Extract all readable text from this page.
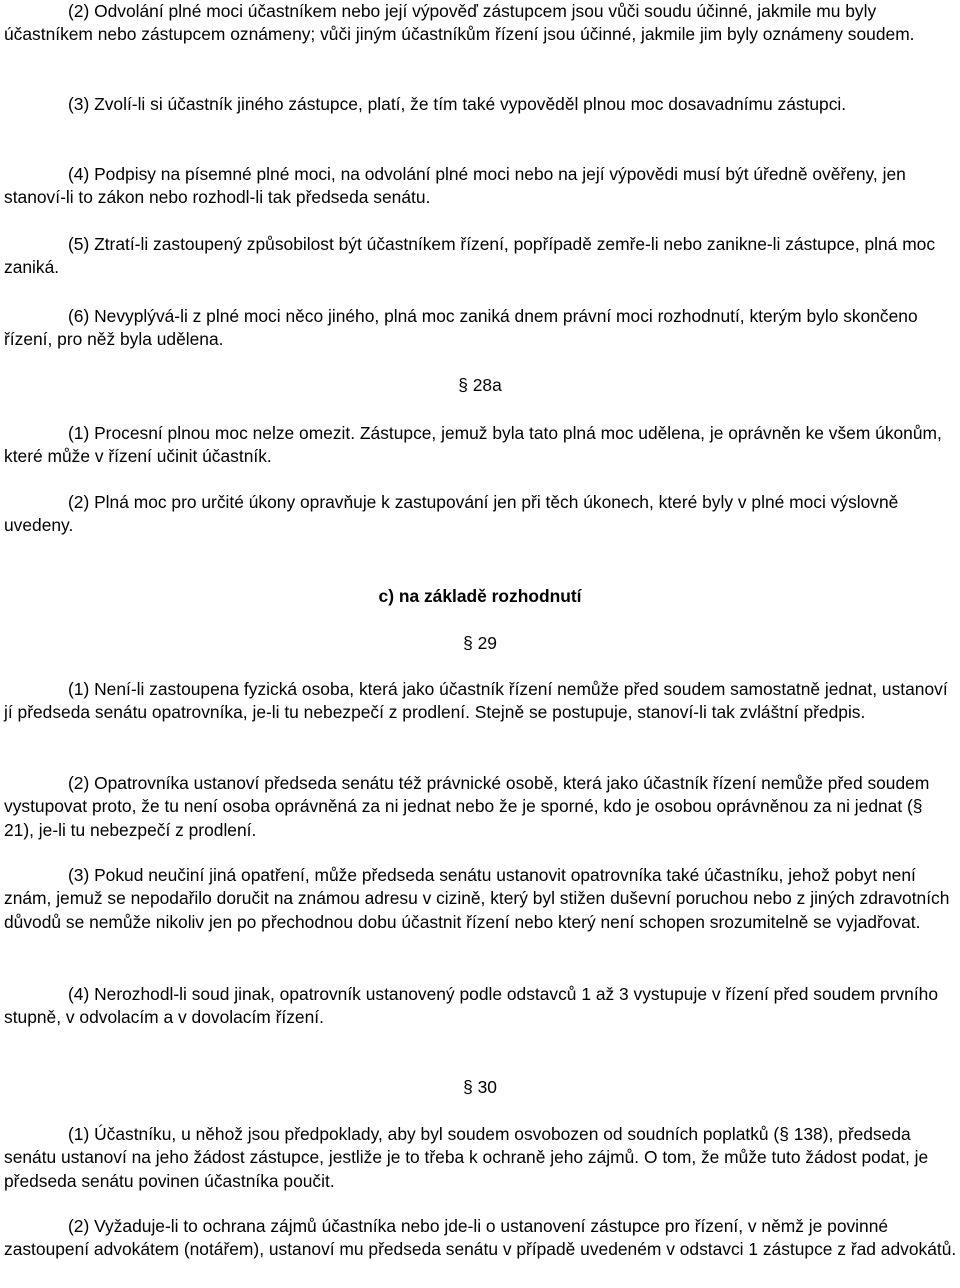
(2) Odvolání plné moci účastníkem nebo její výpověď zástupcem jsou vůči soudu účinné, jakmile mu byly účastníkem nebo zástupcem oznámeny; vůči jiným účastníkům řízení jsou účinné, jakmile jim byly oznámeny soudem.

(3) Zvolí-li si účastník jiného zástupce, platí, že tím také vypověděl plnou moc dosavadnímu zástupci.

(4) Podpisy na písemné plné moci, na odvolání plné moci nebo na její výpovědi musí být úředně ověřeny, jen stanoví-li to zákon nebo rozhodl-li tak předseda senátu.

(5) Ztratí-li zastoupený způsobilost být účastníkem řízení, popřípadě zemře-li nebo zanikne-li zástupce, plná moc zaniká.

(6) Nevyplývá-li z plné moci něco jiného, plná moc zaniká dnem právní moci rozhodnutí, kterým bylo skončeno řízení, pro něž byla udělena.

§ 28a

(1) Procesní plnou moc nelze omezit. Zástupce, jemuž byla tato plná moc udělena, je oprávněn ke všem úkonům, které může v řízení učinit účastník.

(2) Plná moc pro určité úkony opravňuje k zastupování jen při těch úkonech, které byly v plné moci výslovně uvedeny.

c) na základě rozhodnutí

§ 29

(1) Není-li zastoupena fyzická osoba, která jako účastník řízení nemůže před soudem samostatně jednat, ustanoví jí předseda senátu opatrovníka, je-li tu nebezpečí z prodlení. Stejně se postupuje, stanoví-li tak zvláštní předpis.

(2) Opatrovníka ustanoví předseda senátu též právnické osobě, která jako účastník řízení nemůže před soudem vystupovat proto, že tu není osoba oprávněná za ni jednat nebo že je sporné, kdo je osobou oprávněnou za ni jednat (§ 21), je-li tu nebezpečí z prodlení.

(3) Pokud neučiní jiná opatření, může předseda senátu ustanovit opatrovníka také účastníku, jehož pobyt není znám, jemuž se nepodařilo doručit na známou adresu v cizině, který byl stižen duševní poruchou nebo z jiných zdravotních důvodů se nemůže nikoliv jen po přechodnou dobu účastnit řízení nebo který není schopen srozumitelně se vyjadřovat.

(4) Nerozhodl-li soud jinak, opatrovník ustanovený podle odstavců 1 až 3 vystupuje v řízení před soudem prvního stupně, v odvolacím a v dovolacím řízení.

§ 30

(1) Účastníku, u něhož jsou předpoklady, aby byl soudem osvobozen od soudních poplatků (§ 138), předseda senátu ustanoví na jeho žádost zástupce, jestliže je to třeba k ochraně jeho zájmů. O tom, že může tuto žádost podat, je předseda senátu povinen účastníka poučit.

(2) Vyžaduje-li to ochrana zájmů účastníka nebo jde-li o ustanovení zástupce pro řízení, v němž je povinné zastoupení advokátem (notářem), ustanoví mu předseda senátu v případě uvedeném v odstavci 1 zástupce z řad advokátů.
